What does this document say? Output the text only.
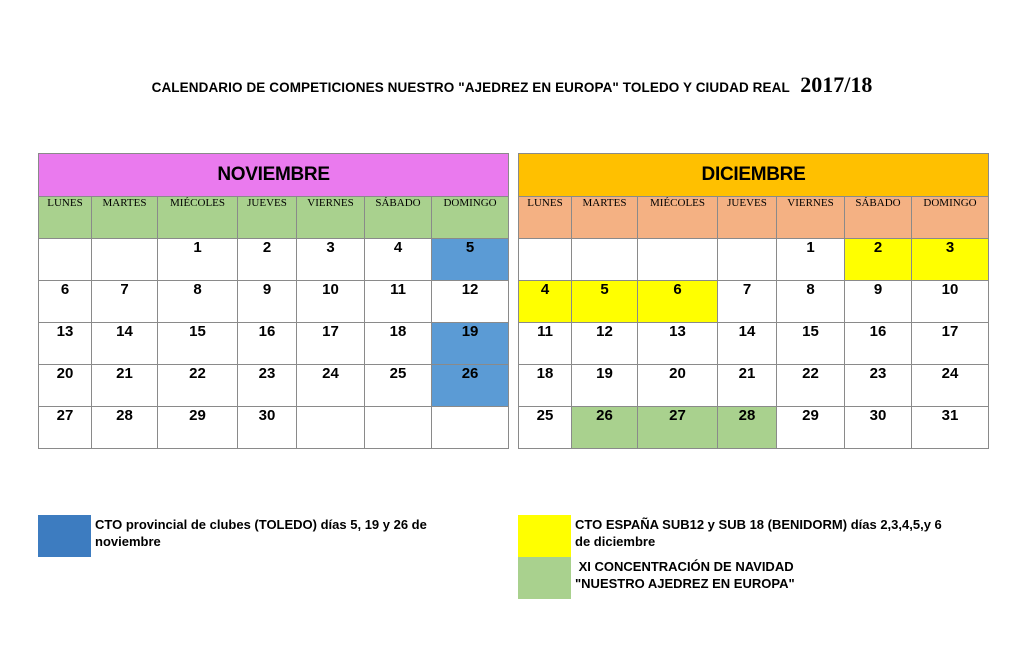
CALENDARIO DE COMPETICIONES NUESTRO "AJEDREZ EN EUROPA" TOLEDO Y CIUDAD REAL 2017/18
NOVIEMBRE						
LUNES	MARTES	MIÉCOLES	JUEVES	VIERNES	SÁBADO	DOMINGO
		1	2	3	4	5
6	7	8	9	10	11	12
13	14	15	16	17	18	19
20	21	22	23	24	25	26
27	28	29	30			
DICIEMBRE						
LUNES	MARTES	MIÉCOLES	JUEVES	VIERNES	SÁBADO	DOMINGO
				1	2	3
4	5	6	7	8	9	10
11	12	13	14	15	16	17
18	19	20	21	22	23	24
25	26	27	28	29	30	31
CTO provincial de clubes (TOLEDO) días 5, 19 y 26 de noviembre
CTO ESPAÑA SUB12 y SUB 18 (BENIDORM) días 2,3,4,5,y 6 de diciembre
XI CONCENTRACIÓN DE NAVIDAD
"NUESTRO AJEDREZ EN EUROPA"
